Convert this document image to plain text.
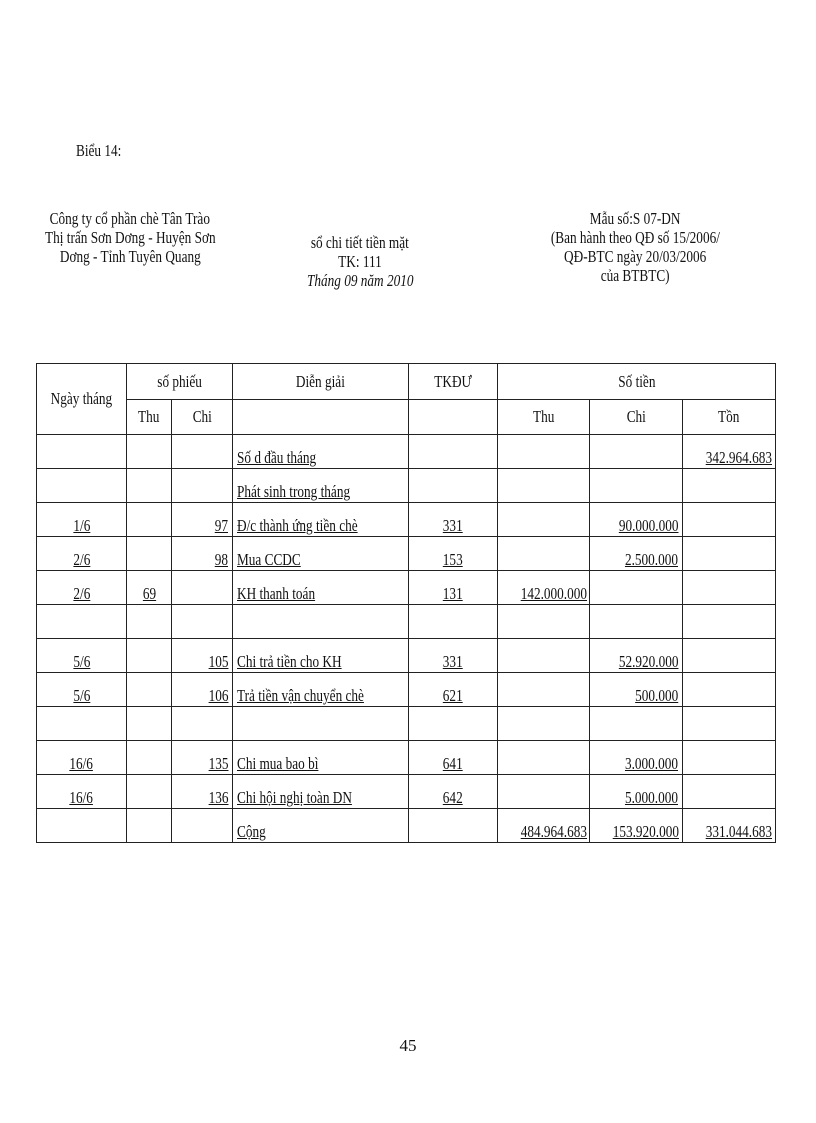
Biểu 14:
Công ty cổ phần chè Tân Trào
Thị trấn Sơn Dơng - Huyện Sơn
Dơng - Tỉnh Tuyên Quang
sổ chi tiết tiền mặt
TK: 111
Tháng 09 năm 2010
Mẫu số:S 07-DN
(Ban hành theo QĐ số 15/2006/
QĐ-BTC ngày 20/03/2006
của BTBTC)
Ngày tháng	số phiếu		Diễn giải	TKĐƯ	Số tiền		
	Thu	Chi			Thu	Chi	Tồn
			Số d đầu tháng				342.964.683
			Phát sinh trong tháng				
1/6		97	Đ/c thành ứng tiền chè	331		90.000.000	
2/6		98	Mua CCDC	153		2.500.000	
2/6	69		KH thanh toán	131	142.000.000		

5/6		105	Chi trả tiền cho KH	331		52.920.000	
5/6		106	Trả tiền vận chuyển chè	621		500.000	

16/6		135	Chi mua bao bì	641		3.000.000	
16/6		136	Chi hội nghị toàn DN	642		5.000.000	
			Cộng		484.964.683	153.920.000	331.044.683
45
